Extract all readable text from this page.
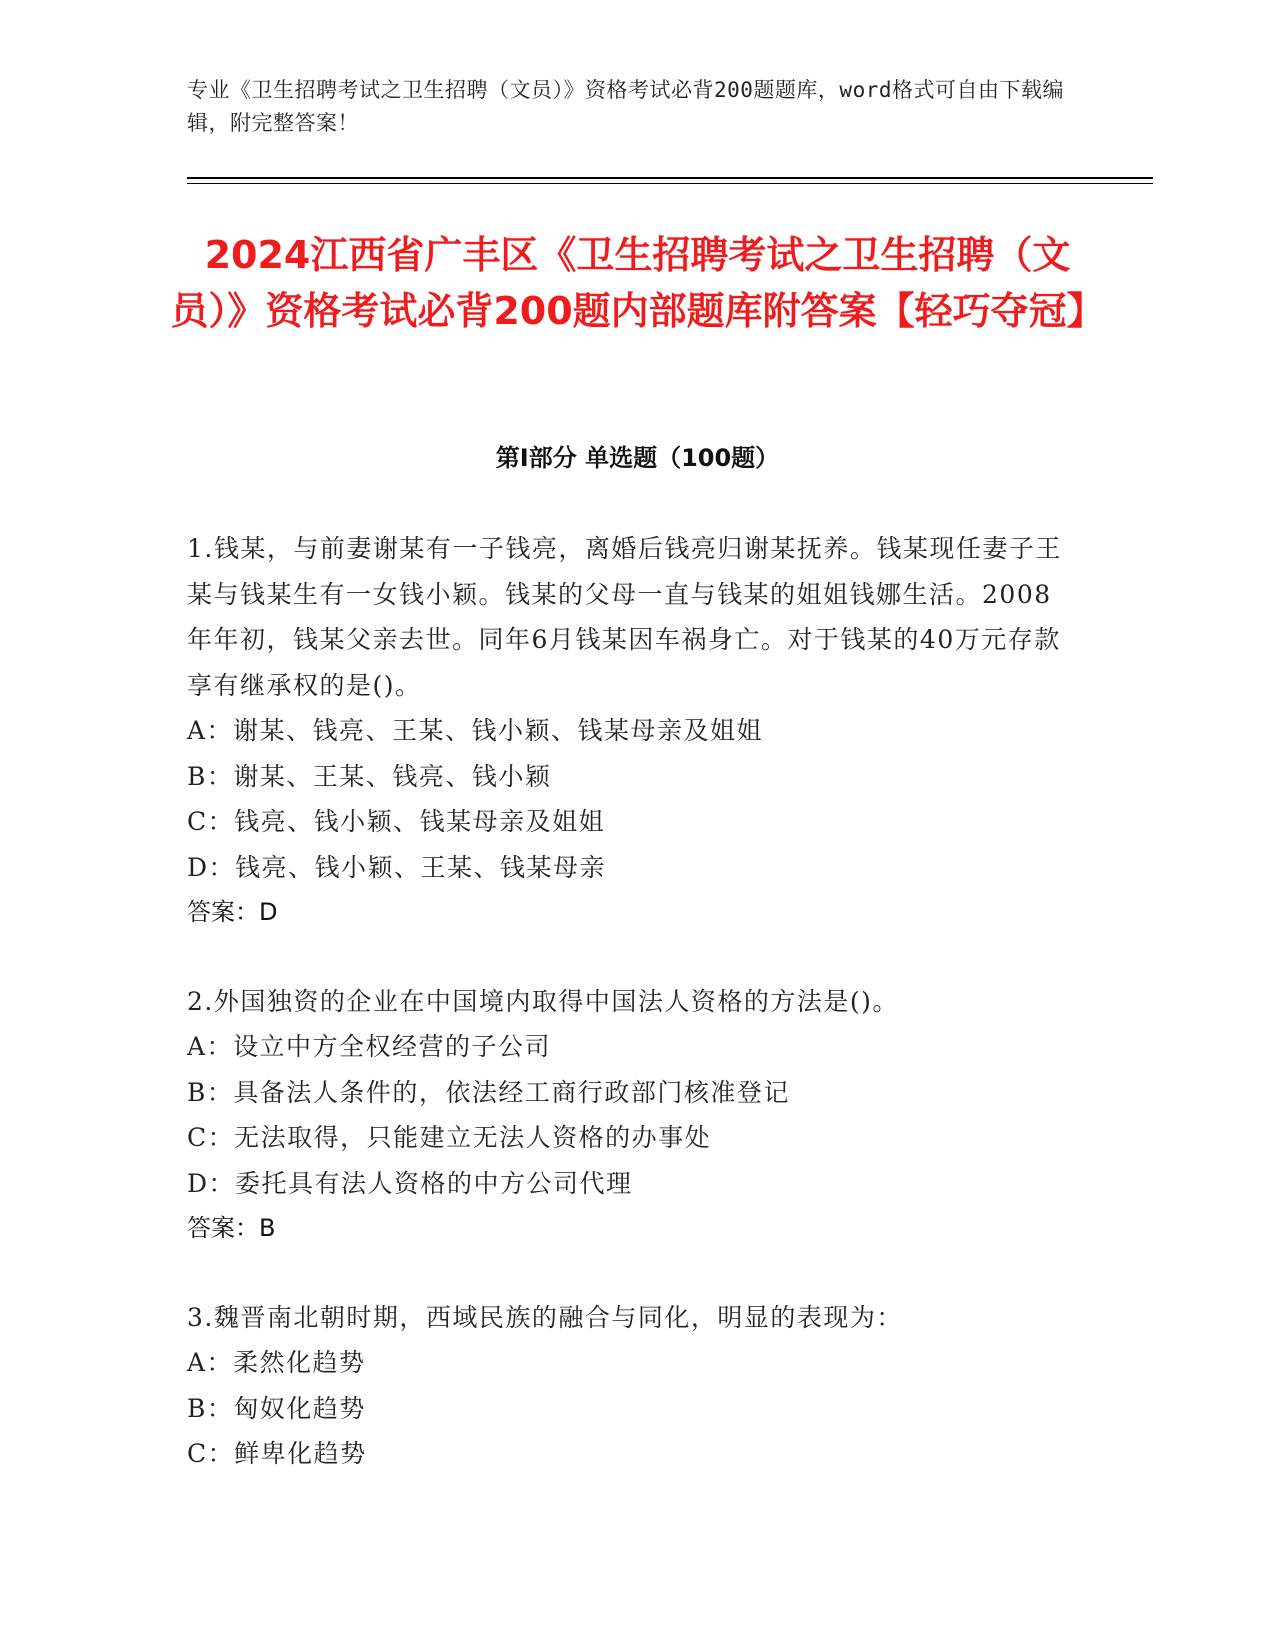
专业《卫生招聘考试之卫生招聘（文员）》资格考试必背200题题库，word格式可自由下载编辑，附完整答案！
2024江西省广丰区《卫生招聘考试之卫生招聘（文员）》资格考试必背200题内部题库附答案【轻巧夺冠】
第Ⅰ部分 单选题（100题）
1.钱某，与前妻谢某有一子钱亮，离婚后钱亮归谢某抚养。钱某现任妻子王某与钱某生有一女钱小颖。钱某的父母一直与钱某的姐姐钱娜生活。2008年年初，钱某父亲去世。同年6月钱某因车祸身亡。对于钱某的40万元存款享有继承权的是()。
A：谢某、钱亮、王某、钱小颖、钱某母亲及姐姐
B：谢某、王某、钱亮、钱小颖
C：钱亮、钱小颖、钱某母亲及姐姐
D：钱亮、钱小颖、王某、钱某母亲
答案：D
2.外国独资的企业在中国境内取得中国法人资格的方法是()。
A：设立中方全权经营的子公司
B：具备法人条件的，依法经工商行政部门核准登记
C：无法取得，只能建立无法人资格的办事处
D：委托具有法人资格的中方公司代理
答案：B
3.魏晋南北朝时期，西域民族的融合与同化，明显的表现为：
A：柔然化趋势
B：匈奴化趋势
C：鲜卑化趋势
